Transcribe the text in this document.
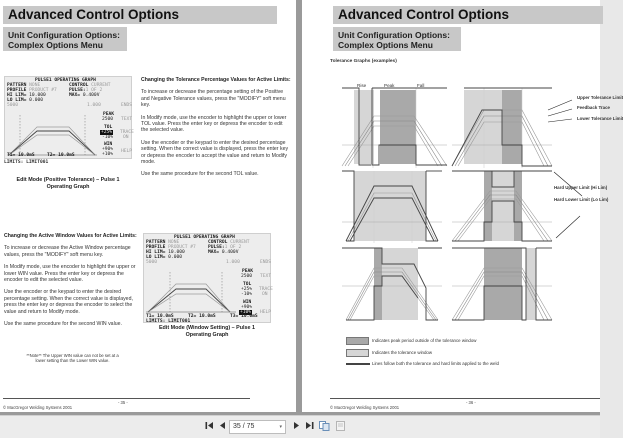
Advanced Control Options
Unit Configuration Options:
Complex Options Menu
PULSE1 OPERATING GRAPH
PATTERN NONE	CONTROL CURRENT
PROFILE PRODUCT #7	PULSE:1 OF 2
HI LIM= 10.000	MAX= 0.400V
LO LIM= 0.000
5000	1.000	ENDS
PEAK
2500 TEXT
TOL
+25%
-10%
TRACE
ON
WIN
+90%
+10%
HELP
T1= 10.0mS	T2= 10.0mS
LIMITS: LIMIT001
Edit Mode (Positive Tolerance) – Pulse 1
Operating Graph

Changing the Tolerance Percentage Values for Active Limits:

To increase or decrease the percentage setting of the Positive and Negative Tolerance values, press the "MODIFY" soft menu key.

In Modify mode, use the encoder to highlight the upper or lower TOL value. Press the enter key or depress the encoder to edit the selected value.

Use the encoder or the keypad to enter the desired percentage setting. When the correct value is displayed, press the enter key or depress the encoder to accept the value and return to Modify mode.

Use the same procedure for the second TOL value.

Changing the Active Window Values for Active Limits:

To increase or decrease the Active Window percentage values, press the "MODIFY" soft menu key.

In Modify mode, use the encoder to highlight the upper or lower WIN value. Press the enter key or depress the encoder to edit the selected value.

Use the encoder or the keypad to enter the desired percentage setting. When the correct value is displayed, press the enter key or depress the encoder to select the value and return to Modify mode.

Use the same procedure for the second WIN value.

**Note** The Upper WIN value can not be set at a lower setting than the Lower WIN value.
PULSE1 OPERATING GRAPH
PATTERN NONE	CONTROL CURRENT
PROFILE PRODUCT #7	PULSE:1 OF 2
HI LIM= 10.000	MAX= 0.400V
LO LIM= 0.000
5000	1.000	ENDS
PEAK
2500 TEXT
TOL
+25%
-10%
TRACE
ON
WIN
+90%
+10% HELP
T1= 10.0mS	T2= 10.0mS	T3= 10.0mS
LIMITS: LIMIT001
Edit Mode (Window Setting) – Pulse 1
Operating Graph
- 35 -
© MacGregor Welding Systems 2001
Advanced Control Options
Unit Configuration Options:
Complex Options Menu
Tolerance Graphs (examples)
Rise	Peak	Fall
Upper Tolerance Limit
Feedback Trace
Lower Tolerance Limit
Hard Upper Limit (Hi Lim)
Hard Lower Limit (Lo Lim)
Indicates peak period outside of the tolerance window
Indicates the tolerance window
Lines follow both the tolerance and hard limits applied to the weld
- 36 -
© MacGregor Welding Systems 2001
35 / 75	▾
